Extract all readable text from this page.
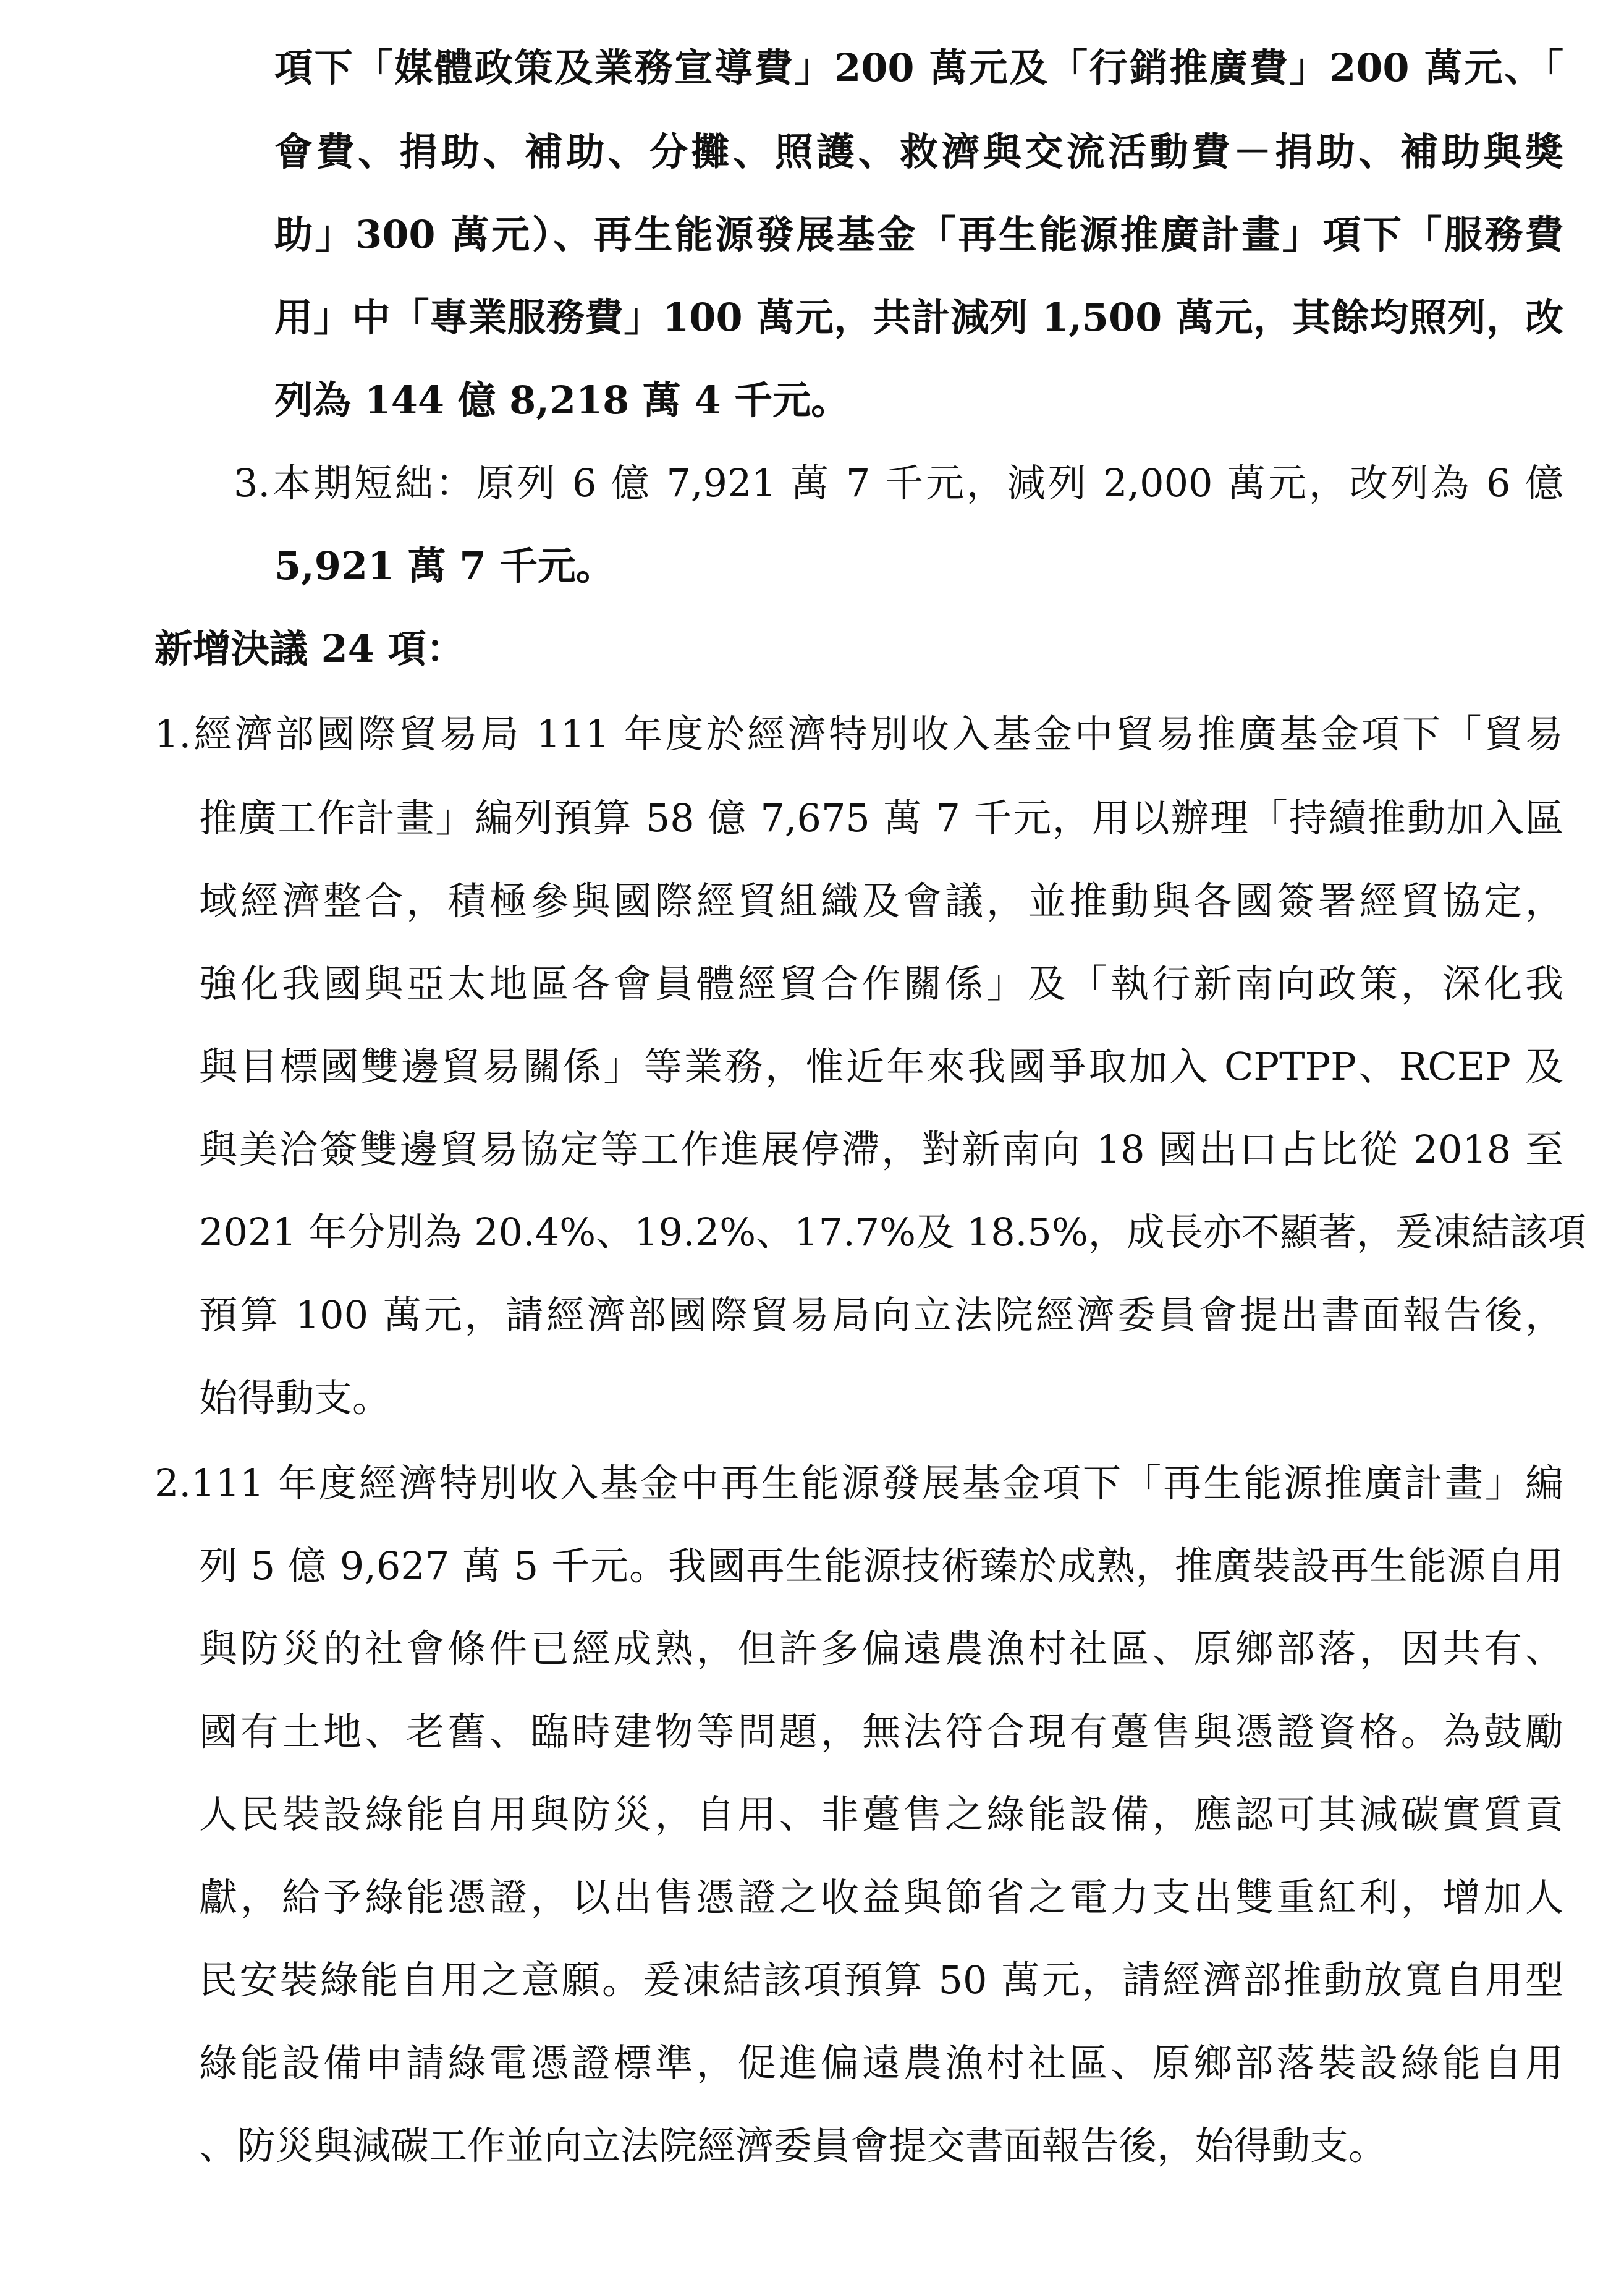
項下「媒體政策及業務宣導費」200 萬元及「行銷推廣費」200 萬元、「
會費、捐助、補助、分攤、照護、救濟與交流活動費－捐助、補助與獎
助」300 萬元）、再生能源發展基金「再生能源推廣計畫」項下「服務費
用」中「專業服務費」100 萬元，共計減列 1,500 萬元，其餘均照列，改
列為 144 億 8,218 萬 4 千元。
3.本期短絀：原列 6 億 7,921 萬 7 千元，減列 2,000 萬元，改列為 6 億
5,921 萬 7 千元。
新增決議 24 項：
1.經濟部國際貿易局 111 年度於經濟特別收入基金中貿易推廣基金項下「貿易
推廣工作計畫」編列預算 58 億 7,675 萬 7 千元，用以辦理「持續推動加入區
域經濟整合，積極參與國際經貿組織及會議，並推動與各國簽署經貿協定，
強化我國與亞太地區各會員體經貿合作關係」及「執行新南向政策，深化我
與目標國雙邊貿易關係」等業務，惟近年來我國爭取加入 CPTPP、RCEP 及
與美洽簽雙邊貿易協定等工作進展停滯，對新南向 18 國出口占比從 2018 至
2021 年分別為 20.4%、19.2%、17.7%及 18.5%，成長亦不顯著，爰凍結該項
預算 100 萬元，請經濟部國際貿易局向立法院經濟委員會提出書面報告後，
始得動支。
2.111 年度經濟特別收入基金中再生能源發展基金項下「再生能源推廣計畫」編
列 5 億 9,627 萬 5 千元。我國再生能源技術臻於成熟，推廣裝設再生能源自用
與防災的社會條件已經成熟，但許多偏遠農漁村社區、原鄉部落，因共有、
國有土地、老舊、臨時建物等問題，無法符合現有躉售與憑證資格。為鼓勵
人民裝設綠能自用與防災，自用、非躉售之綠能設備，應認可其減碳實質貢
獻，給予綠能憑證，以出售憑證之收益與節省之電力支出雙重紅利，增加人
民安裝綠能自用之意願。爰凍結該項預算 50 萬元，請經濟部推動放寬自用型
綠能設備申請綠電憑證標準，促進偏遠農漁村社區、原鄉部落裝設綠能自用
、防災與減碳工作並向立法院經濟委員會提交書面報告後，始得動支。
